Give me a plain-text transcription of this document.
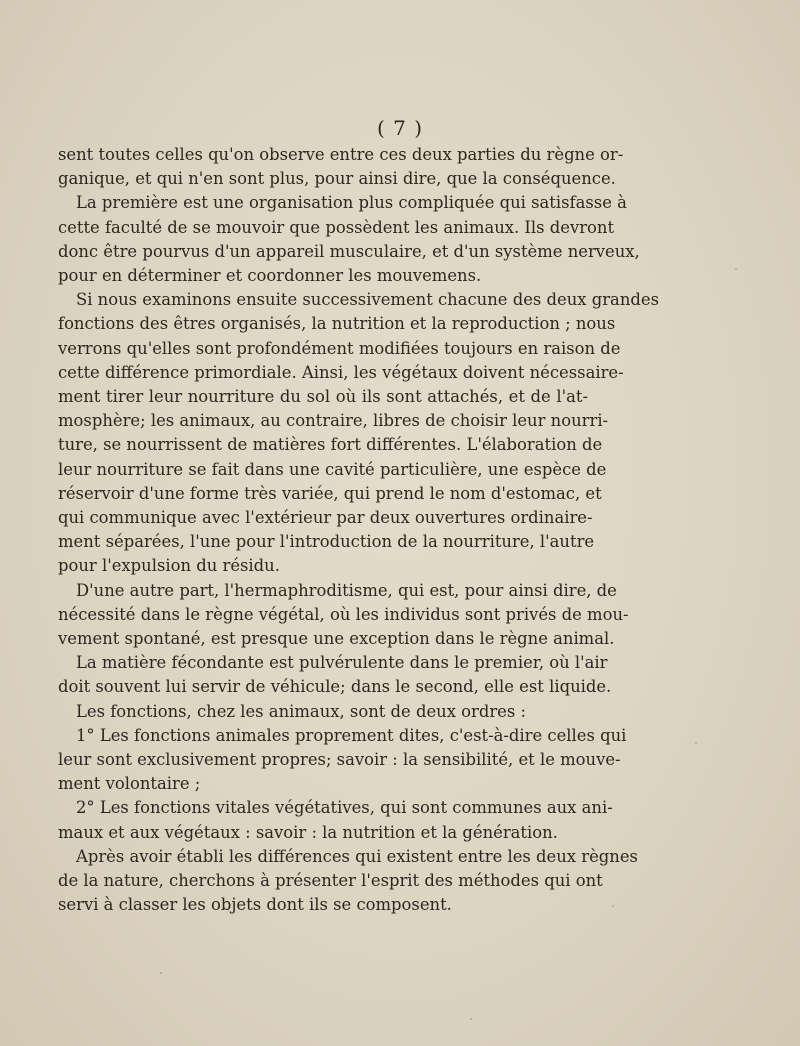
( 7 )
sent toutes celles qu'on observe entre ces deux parties du règne or-
ganique, et qui n'en sont plus, pour ainsi dire, que la conséquence.
La première est une organisation plus compliquée qui satisfasse à
cette faculté de se mouvoir que possèdent les animaux. Ils devront
donc être pourvus d'un appareil musculaire, et d'un système nerveux,
pour en déterminer et coordonner les mouvemens.
Si nous examinons ensuite successivement chacune des deux grandes
fonctions des êtres organisés, la nutrition et la reproduction ; nous
verrons qu'elles sont profondément modifiées toujours en raison de
cette différence primordiale. Ainsi, les végétaux doivent nécessaire-
ment tirer leur nourriture du sol où ils sont attachés, et de l'at-
mosphère; les animaux, au contraire, libres de choisir leur nourri-
ture, se nourrissent de matières fort différentes. L'élaboration de
leur nourriture se fait dans une cavité particulière, une espèce de
réservoir d'une forme très variée, qui prend le nom d'estomac, et
qui communique avec l'extérieur par deux ouvertures ordinaire-
ment séparées, l'une pour l'introduction de la nourriture, l'autre
pour l'expulsion du résidu.
D'une autre part, l'hermaphroditisme, qui est, pour ainsi dire, de
nécessité dans le règne végétal, où les individus sont privés de mou-
vement spontané, est presque une exception dans le règne animal.
La matière fécondante est pulvérulente dans le premier, où l'air
doit souvent lui servir de véhicule; dans le second, elle est liquide.
Les fonctions, chez les animaux, sont de deux ordres :
1° Les fonctions animales proprement dites, c'est-à-dire celles qui
leur sont exclusivement propres; savoir : la sensibilité, et le mouve-
ment volontaire ;
2° Les fonctions vitales végétatives, qui sont communes aux ani-
maux et aux végétaux : savoir : la nutrition et la génération.
Après avoir établi les différences qui existent entre les deux règnes
de la nature, cherchons à présenter l'esprit des méthodes qui ont
servi à classer les objets dont ils se composent.
